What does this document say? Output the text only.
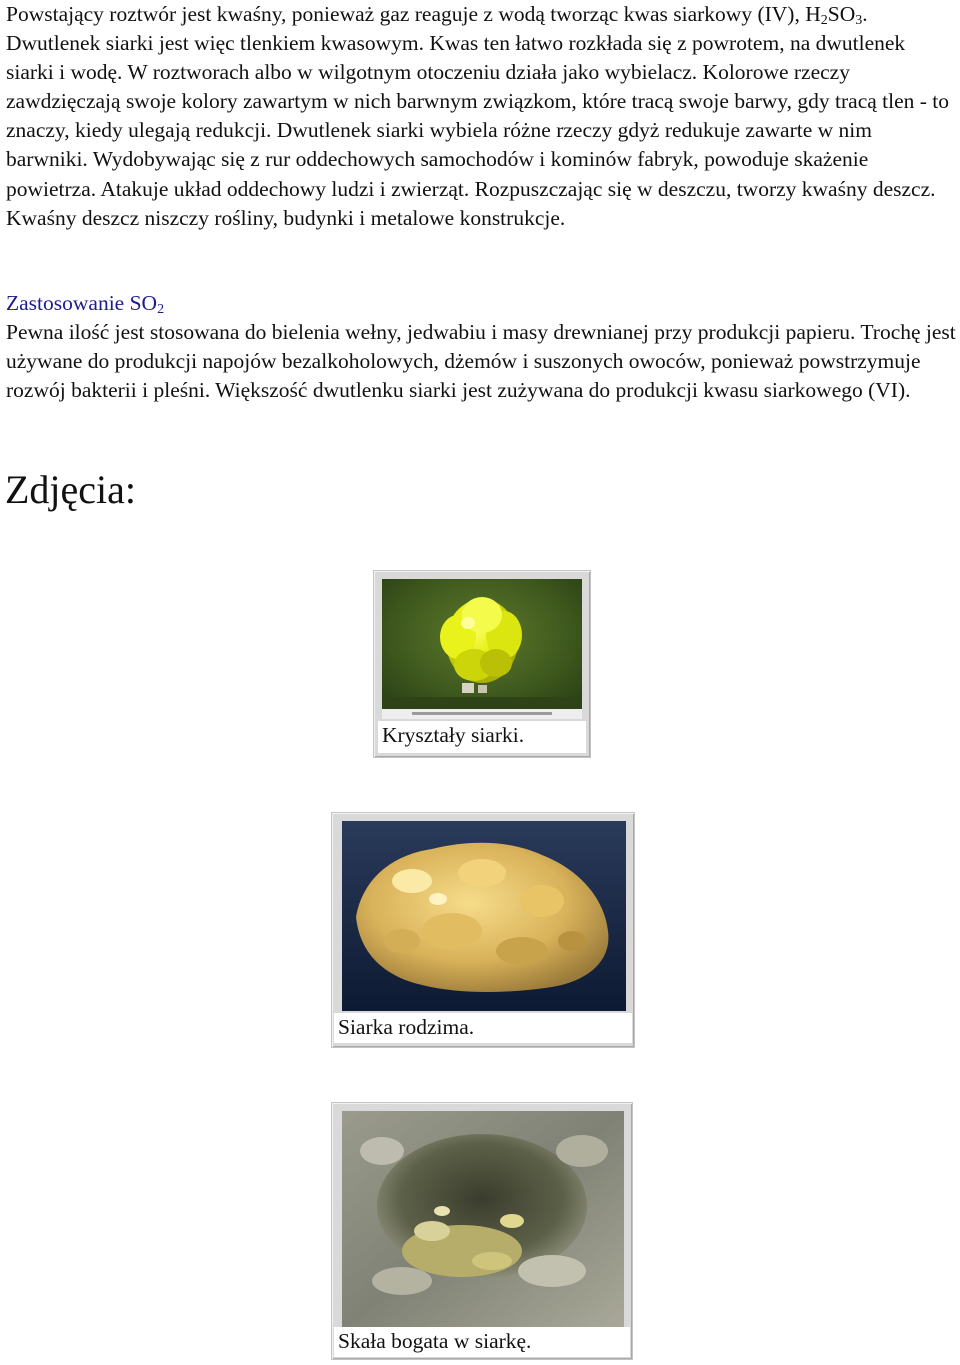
Powstający roztwór jest kwaśny, ponieważ gaz reaguje z wodą tworząc kwas siarkowy (IV), $H_2SO_3$. Dwutlenek siarki jest więc tlenkiem kwasowym. Kwas ten łatwo rozkłada się z powrotem, na dwutlenek siarki i wodę. W roztworach albo w wilgotnym otoczeniu działa jako wybielacz. Kolorowe rzeczy zawdzięczają swoje kolory zawartym w nich barwnym związkom, które tracą swoje barwy, gdy tracą tlen - to znaczy, kiedy ulegają redukcji. Dwutlenek siarki wybiela różne rzeczy gdyż redukuje zawarte w nim barwniki. Wydobywając się z rur oddechowych samochodów i kominów fabryk, powoduje skażenie powietrza. Atakuje układ oddechowy ludzi i zwierząt. Rozpuszczając się w deszczu, tworzy kwaśny deszcz. Kwaśny deszcz niszczy rośliny, budynki i metalowe konstrukcje.

Zastosowanie $SO_2$

Pewna ilość jest stosowana do bielenia wełny, jedwabiu i masy drewnianej przy produkcji papieru. Trochę jest używane do produkcji napojów bezalkoholowych, dżemów i suszonych owoców, ponieważ powstrzymuje rozwój bakterii i pleśni. Większość dwutlenku siarki jest zużywana do produkcji kwasu siarkowego (VI).

Zdjęcia:
Kryształy siarki.
Siarka rodzima.
Skała bogata w siarkę.
